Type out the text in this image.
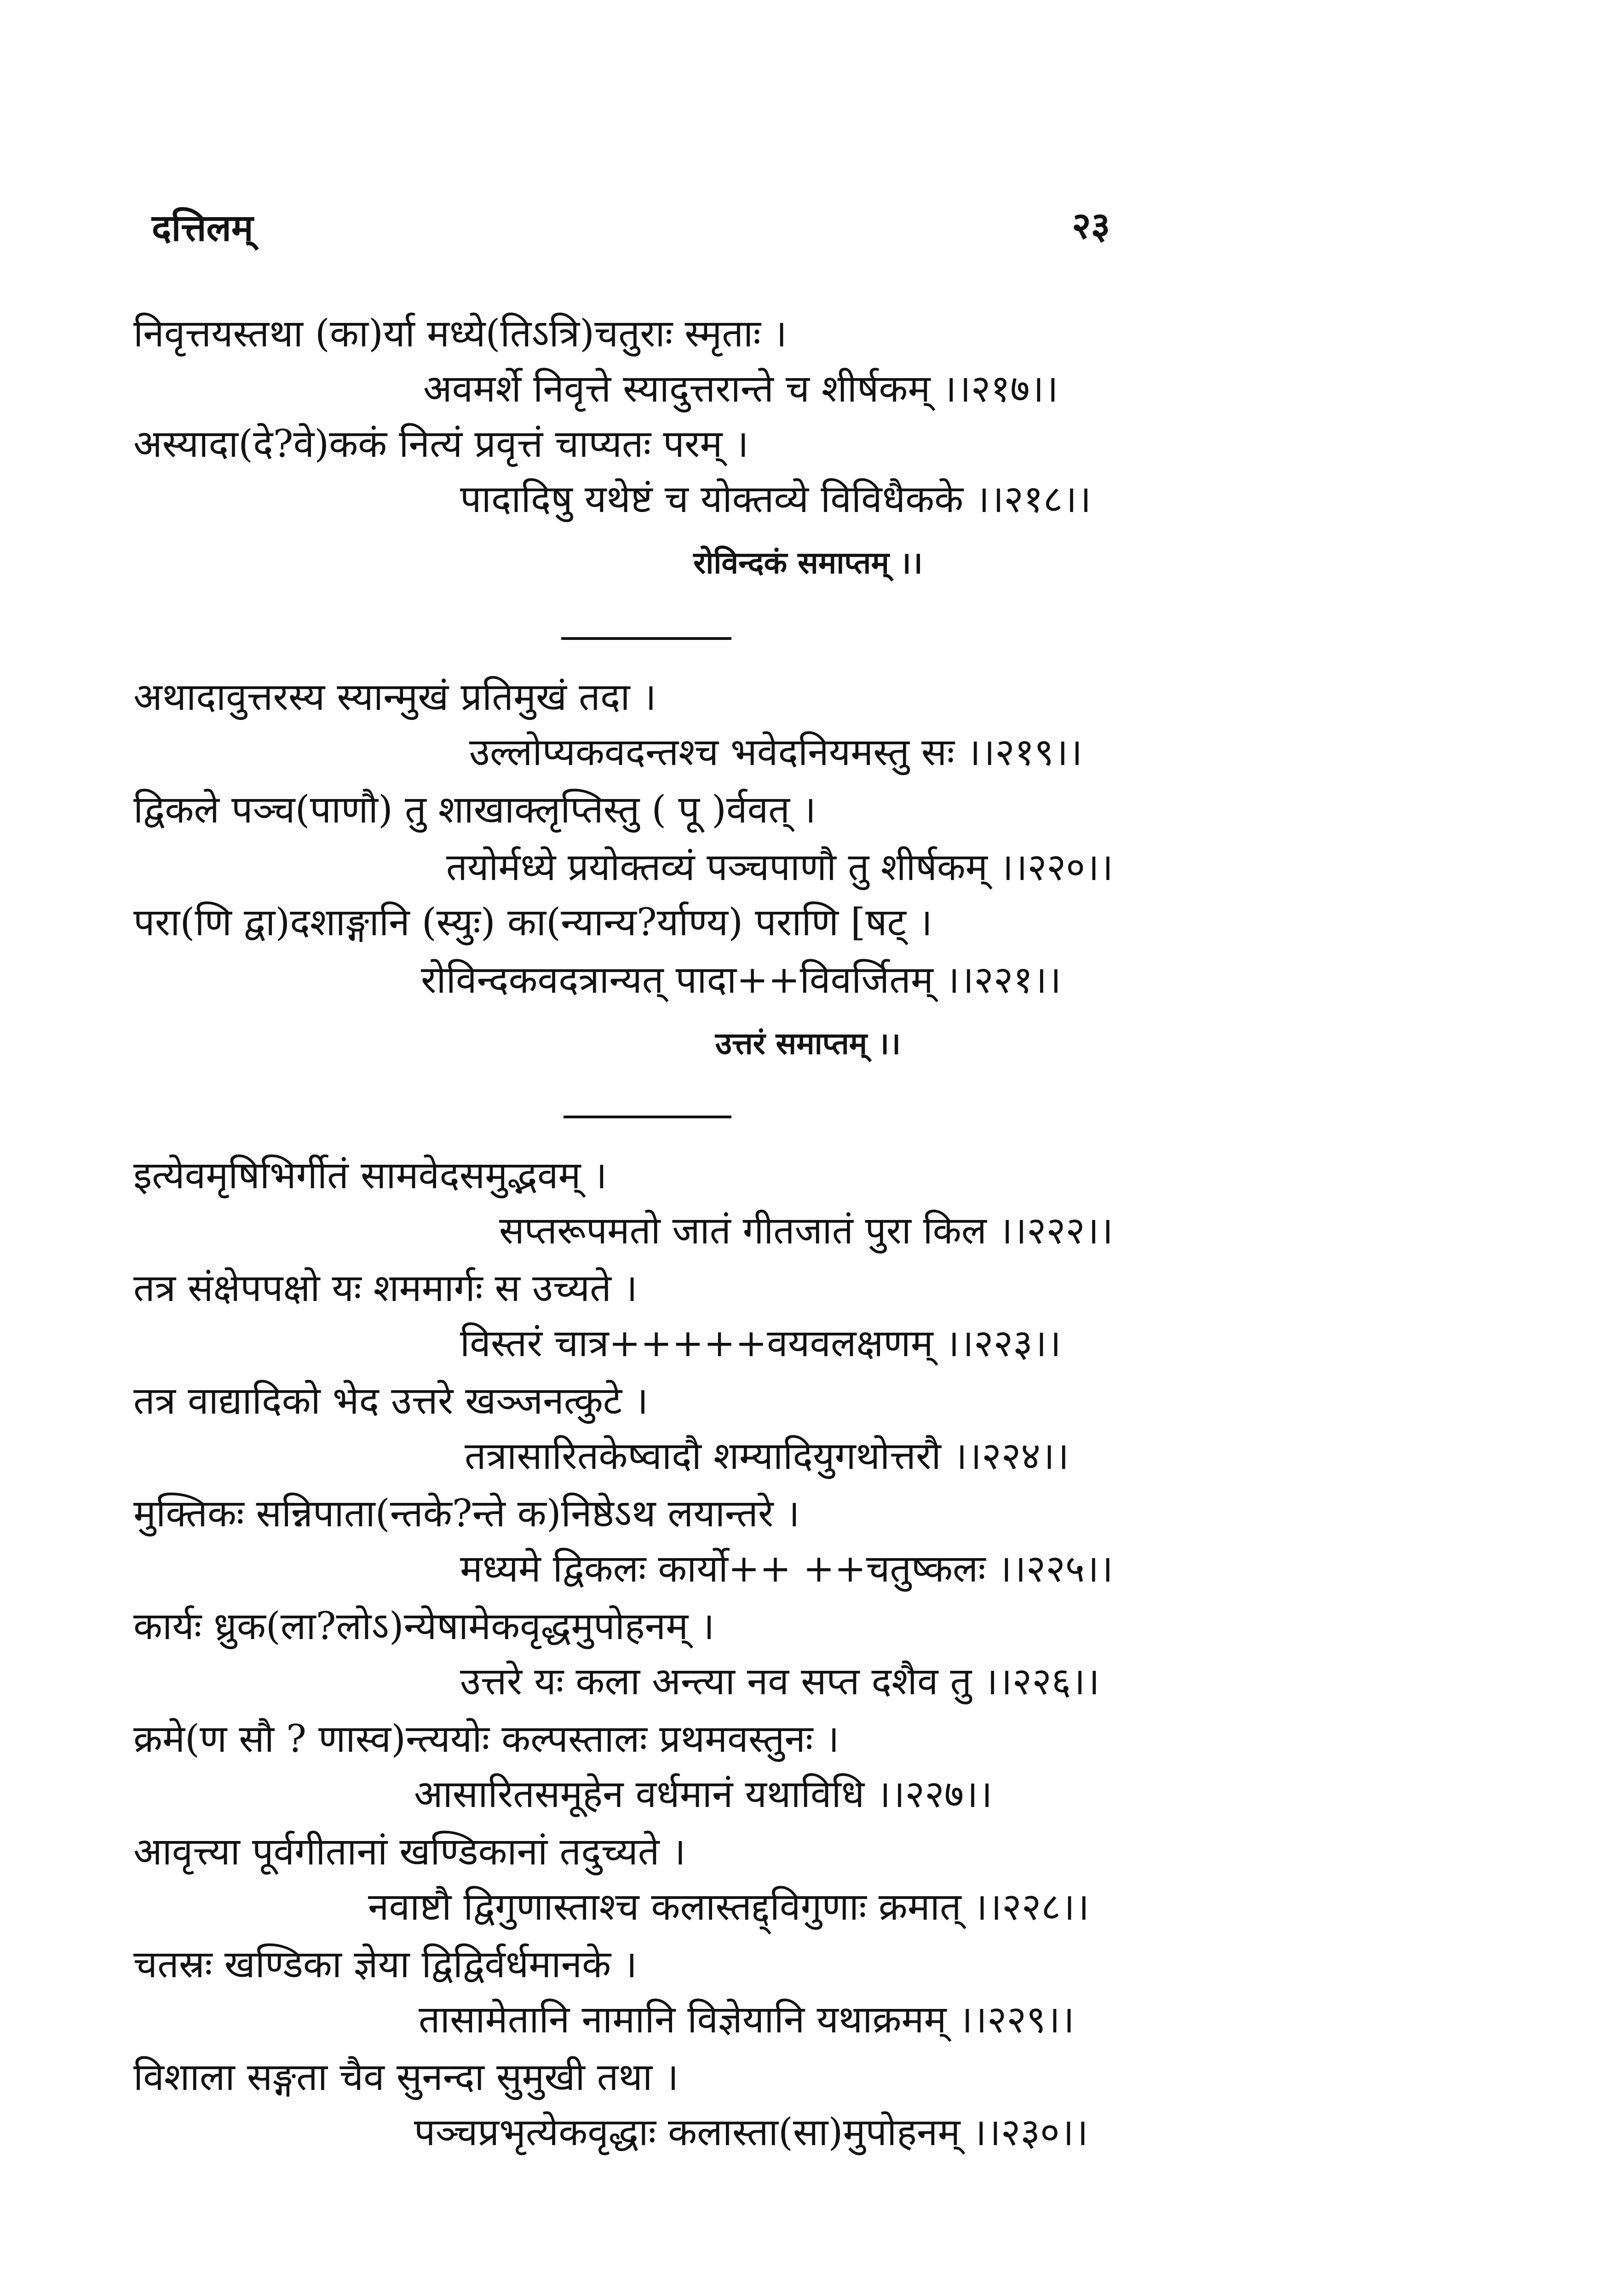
दत्तिलम्	२३

निवृत्तयस्तथा (का)र्या मध्ये(तिऽत्रि)चतुराः स्मृताः ।

अवमर्शे निवृत्ते स्यादुत्तरान्ते च शीर्षकम् ।।२१७।।

अस्यादा(दे?वे)ककं नित्यं प्रवृत्तं चाप्यतः परम् ।

पादादिषु यथेष्टं च योक्तव्ये विविधैकके ।।२१८।।

रोविन्दकं समाप्तम् ।।

अथादावुत्तरस्य स्यान्मुखं प्रतिमुखं तदा ।

उल्लोप्यकवदन्तश्च भवेदनियमस्तु सः ।।२१९।।

द्विकले पञ्च(पाणौ) तु शाखाक्लृप्तिस्तु ( पू )र्ववत् ।

तयोर्मध्ये प्रयोक्तव्यं पञ्चपाणौ तु शीर्षकम् ।।२२०।।

परा(णि द्वा)दशाङ्गानि (स्युः) का(न्यान्य?र्याण्य) पराणि [षट् ।

रोविन्दकवदत्रान्यत् पादा++विवर्जितम् ।।२२१।।

उत्तरं समाप्तम् ।।

इत्येवमृषिभिर्गीतं सामवेदसमुद्भवम् ।

सप्तरूपमतो जातं गीतजातं पुरा किल ।।२२२।।

तत्र संक्षेपपक्षो यः शममार्गः स उच्यते ।

विस्तरं चात्र+++++वयवलक्षणम् ।।२२३।।

तत्र वाद्यादिको भेद उत्तरे खञ्जनत्कुटे ।

तत्रासारितकेष्वादौ शम्यादियुगथोत्तरौ ।।२२४।।

मुक्तिकः सन्निपाता(न्तके?न्ते क)निष्ठेऽथ लयान्तरे ।

मध्यमे द्विकलः कार्यो++ ++चतुष्कलः ।।२२५।।

कार्यः ध्रुक(ला?लोऽ)न्येषामेकवृद्धमुपोहनम् ।

उत्तरे यः कला अन्त्या नव सप्त दशैव तु ।।२२६।।

क्रमे(ण सौ ? णास्व)न्त्ययोः कल्पस्तालः प्रथमवस्तुनः ।

आसारितसमूहेन वर्धमानं यथाविधि ।।२२७।।

आवृत्त्या पूर्वगीतानां खण्डिकानां तदुच्यते ।

नवाष्टौ द्विगुणास्ताश्च कलास्तद्द्विगुणाः क्रमात् ।।२२८।।

चतस्रः खण्डिका ज्ञेया द्विद्विर्वर्धमानके ।

तासामेतानि नामानि विज्ञेयानि यथाक्रमम् ।।२२९।।

विशाला सङ्गता चैव सुनन्दा सुमुखी तथा ।

पञ्चप्रभृत्येकवृद्धाः कलास्ता(सा)मुपोहनम् ।।२३०।।
